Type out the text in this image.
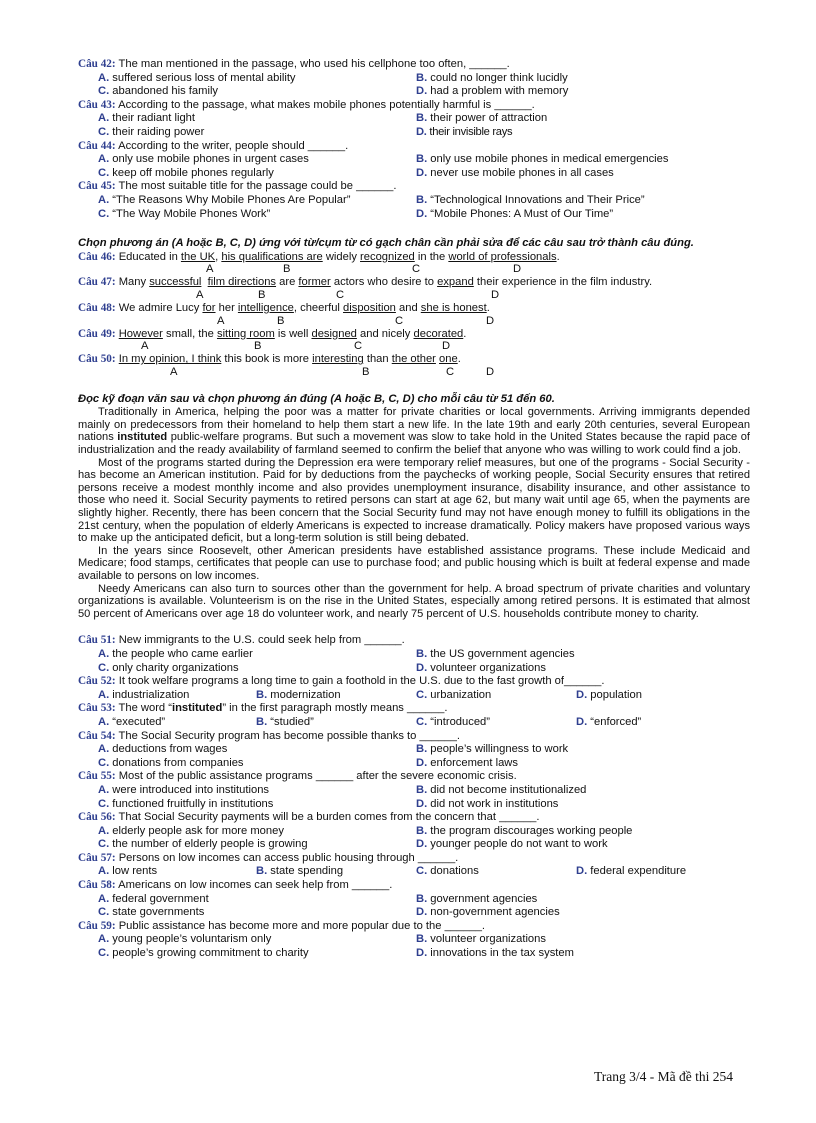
Câu 42: The man mentioned in the passage, who used his cellphone too often, ______.
A. suffered serious loss of mental ability	B. could no longer think lucidly
C. abandoned his family	D. had a problem with memory
Câu 43: According to the passage, what makes mobile phones potentially harmful is ______.
A. their radiant light	B. their power of attraction
C. their raiding power	D. their invisible rays
Câu 44: According to the writer, people should ______.
A. only use mobile phones in urgent cases	B. only use mobile phones in medical emergencies
C. keep off mobile phones regularly	D. never use mobile phones in all cases
Câu 45: The most suitable title for the passage could be ______.
A. “The Reasons Why Mobile Phones Are Popular”	B. “Technological Innovations and Their Price”
C. “The Way Mobile Phones Work”	D. “Mobile Phones: A Must of Our Time”
Chọn phương án (A hoặc B, C, D) ứng với từ/cụm từ có gạch chân cần phải sửa để các câu sau trở thành câu đúng.
Câu 46: Educated in the UK, his qualifications are widely recognized in the world of professionals.
A	B	C	D
Câu 47: Many successful film directions are former actors who desire to expand their experience in the film industry.
A	B	C	D
Câu 48: We admire Lucy for her intelligence, cheerful disposition and she is honest.
A	B	C	D
Câu 49: However small, the sitting room is well designed and nicely decorated.
A	B	C	D
Câu 50: In my opinion, I think this book is more interesting than the other one.
A	B	C	D
Đọc kỹ đoạn văn sau và chọn phương án đúng (A hoặc B, C, D) cho mỗi câu từ 51 đến 60.
Traditionally in America, helping the poor was a matter for private charities or local governments. Arriving immigrants depended mainly on predecessors from their homeland to help them start a new life. In the late 19th and early 20th centuries, several European nations instituted public-welfare programs. But such a movement was slow to take hold in the United States because the rapid pace of industrialization and the ready availability of farmland seemed to confirm the belief that anyone who was willing to work could find a job.
Most of the programs started during the Depression era were temporary relief measures, but one of the programs - Social Security - has become an American institution. Paid for by deductions from the paychecks of working people, Social Security ensures that retired persons receive a modest monthly income and also provides unemployment insurance, disability insurance, and other assistance to those who need it. Social Security payments to retired persons can start at age 62, but many wait until age 65, when the payments are slightly higher. Recently, there has been concern that the Social Security fund may not have enough money to fulfill its obligations in the 21st century, when the population of elderly Americans is expected to increase dramatically. Policy makers have proposed various ways to make up the anticipated deficit, but a long-term solution is still being debated.
In the years since Roosevelt, other American presidents have established assistance programs. These include Medicaid and Medicare; food stamps, certificates that people can use to purchase food; and public housing which is built at federal expense and made available to persons on low incomes.
Needy Americans can also turn to sources other than the government for help. A broad spectrum of private charities and voluntary organizations is available. Volunteerism is on the rise in the United States, especially among retired persons. It is estimated that almost 50 percent of Americans over age 18 do volunteer work, and nearly 75 percent of U.S. households contribute money to charity.
Câu 51: New immigrants to the U.S. could seek help from ______.
A. the people who came earlier	B. the US government agencies
C. only charity organizations	D. volunteer organizations
Câu 52: It took welfare programs a long time to gain a foothold in the U.S. due to the fast growth of______.
A. industrialization	B. modernization	C. urbanization	D. population
Câu 53: The word “instituted” in the first paragraph mostly means ______.
A. “executed”	B. “studied”	C. “introduced”	D. “enforced”
Câu 54: The Social Security program has become possible thanks to ______.
A. deductions from wages	B. people’s willingness to work
C. donations from companies	D. enforcement laws
Câu 55: Most of the public assistance programs ______ after the severe economic crisis.
A. were introduced into institutions	B. did not become institutionalized
C. functioned fruitfully in institutions	D. did not work in institutions
Câu 56: That Social Security payments will be a burden comes from the concern that ______.
A. elderly people ask for more money	B. the program discourages working people
C. the number of elderly people is growing	D. younger people do not want to work
Câu 57: Persons on low incomes can access public housing through ______.
A. low rents	B. state spending	C. donations	D. federal expenditure
Câu 58: Americans on low incomes can seek help from ______.
A. federal government	B. government agencies
C. state governments	D. non-government agencies
Câu 59: Public assistance has become more and more popular due to the ______.
A. young people’s voluntarism only	B. volunteer organizations
C. people’s growing commitment to charity	D. innovations in the tax system
Trang 3/4 - Mã đề thi 254
